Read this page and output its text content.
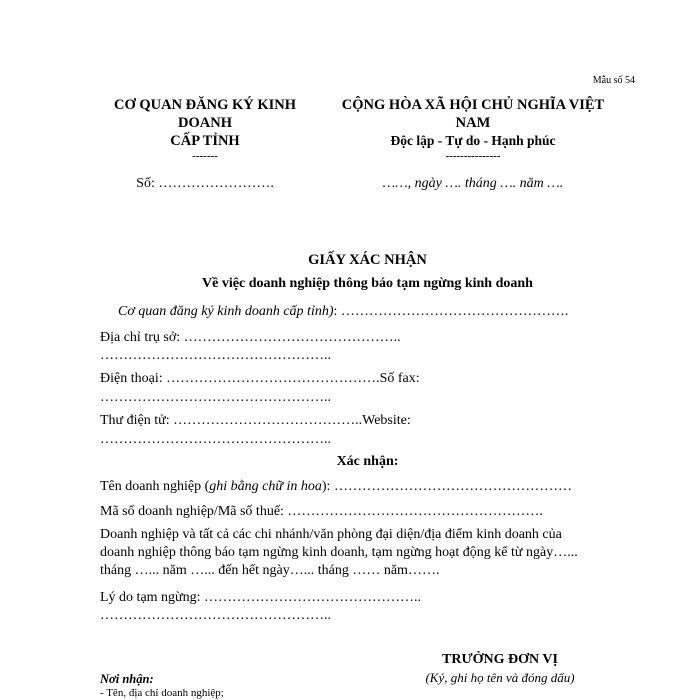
Mẫu số 54
CƠ QUAN ĐĂNG KÝ KINH
DOANH
CẤP TỈNH
-------
CỘNG HÒA XÃ HỘI CHỦ NGHĨA VIỆT
NAM
Độc lập - Tự do - Hạnh phúc
---------------
Số: …………………….	……, ngày …. tháng …. năm ….
GIẤY XÁC NHẬN
Về việc doanh nghiệp thông báo tạm ngừng kinh doanh
Cơ quan đăng ký kinh doanh cấp tỉnh): ………………………………………….
Địa chỉ trụ sở: ………………………………………..
…………………………………………..
Điện thoại: ……………………………………….Số fax:
…………………………………………..
Thư điện tử: …………………………………..Website:
…………………………………………..
Xác nhận:
Tên doanh nghiệp (ghi bằng chữ in hoa): ……………………………………………
Mã số doanh nghiệp/Mã số thuế: ……………………………………………….
Doanh nghiệp và tất cả các chi nhánh/văn phòng đại diện/địa điểm kinh doanh của
doanh nghiệp thông báo tạm ngừng kinh doanh, tạm ngừng hoạt động kể từ ngày…...
tháng …... năm …... đến hết ngày…... tháng …… năm…….
Lý do tạm ngừng: ………………………………………..
…………………………………………..
TRƯỞNG ĐƠN VỊ
(Ký, ghi họ tên và đóng dấu)
Nơi nhận:
- Tên, địa chỉ doanh nghiệp;
